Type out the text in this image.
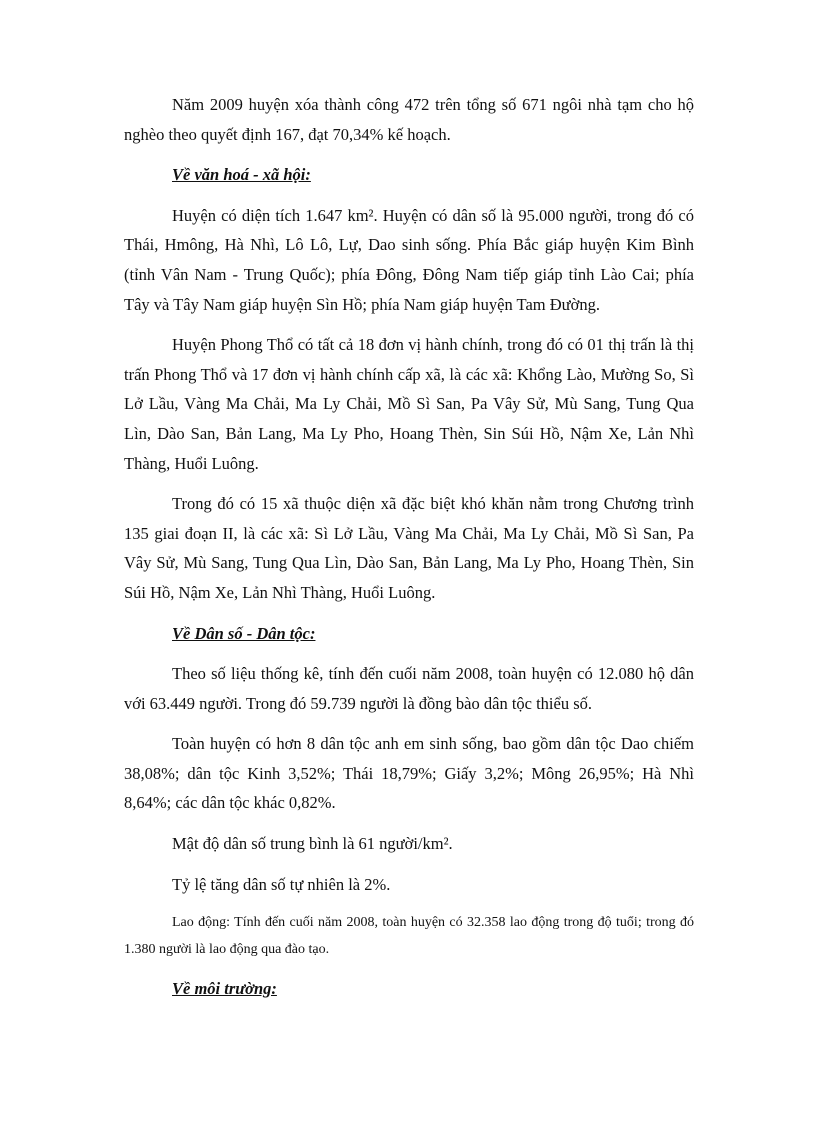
Năm 2009 huyện xóa thành công 472 trên tổng số 671 ngôi nhà tạm cho hộ nghèo theo quyết định 167, đạt 70,34% kế hoạch.

Về văn hoá - xã hội:

Huyện có diện tích 1.647 km². Huyện có dân số là 95.000 người, trong đó có Thái, Hmông, Hà Nhì, Lô Lô, Lự, Dao sinh sống. Phía Bắc giáp huyện Kim Bình (tỉnh Vân Nam - Trung Quốc); phía Đông, Đông Nam tiếp giáp tỉnh Lào Cai; phía Tây và Tây Nam giáp huyện Sìn Hồ; phía Nam giáp huyện Tam Đường.

Huyện Phong Thổ có tất cả 18 đơn vị hành chính, trong đó có 01 thị trấn là thị trấn Phong Thổ và 17 đơn vị hành chính cấp xã, là các xã: Khổng Lào, Mường So, Sì Lở Lầu, Vàng Ma Chải, Ma Ly Chải, Mồ Sì San, Pa Vây Sử, Mù Sang, Tung Qua Lìn, Dào San, Bản Lang, Ma Ly Pho, Hoang Thèn, Sin Súi Hồ, Nậm Xe, Lản Nhì Thàng, Huổi Luông.

Trong đó có 15 xã thuộc diện xã đặc biệt khó khăn nằm trong Chương trình 135 giai đoạn II, là các xã: Sì Lở Lầu, Vàng Ma Chải, Ma Ly Chải, Mồ Sì San, Pa Vây Sử, Mù Sang, Tung Qua Lìn, Dào San, Bản Lang, Ma Ly Pho, Hoang Thèn, Sin Súi Hồ, Nậm Xe, Lản Nhì Thàng, Huổi Luông.

Về Dân số - Dân tộc:

Theo số liệu thống kê, tính đến cuối năm 2008, toàn huyện có 12.080 hộ dân với 63.449 người. Trong đó 59.739 người là đồng bào dân tộc thiểu số.

Toàn huyện có hơn 8 dân tộc anh em sinh sống, bao gồm dân tộc Dao chiếm 38,08%; dân tộc Kinh 3,52%; Thái 18,79%; Giấy 3,2%; Mông 26,95%; Hà Nhì 8,64%; các dân tộc khác 0,82%.

Mật độ dân số trung bình là 61 người/km².

Tỷ lệ tăng dân số tự nhiên là 2%.

Lao động: Tính đến cuối năm 2008, toàn huyện có 32.358 lao động trong độ tuổi; trong đó 1.380 người là lao động qua đào tạo.

Về môi trường:
